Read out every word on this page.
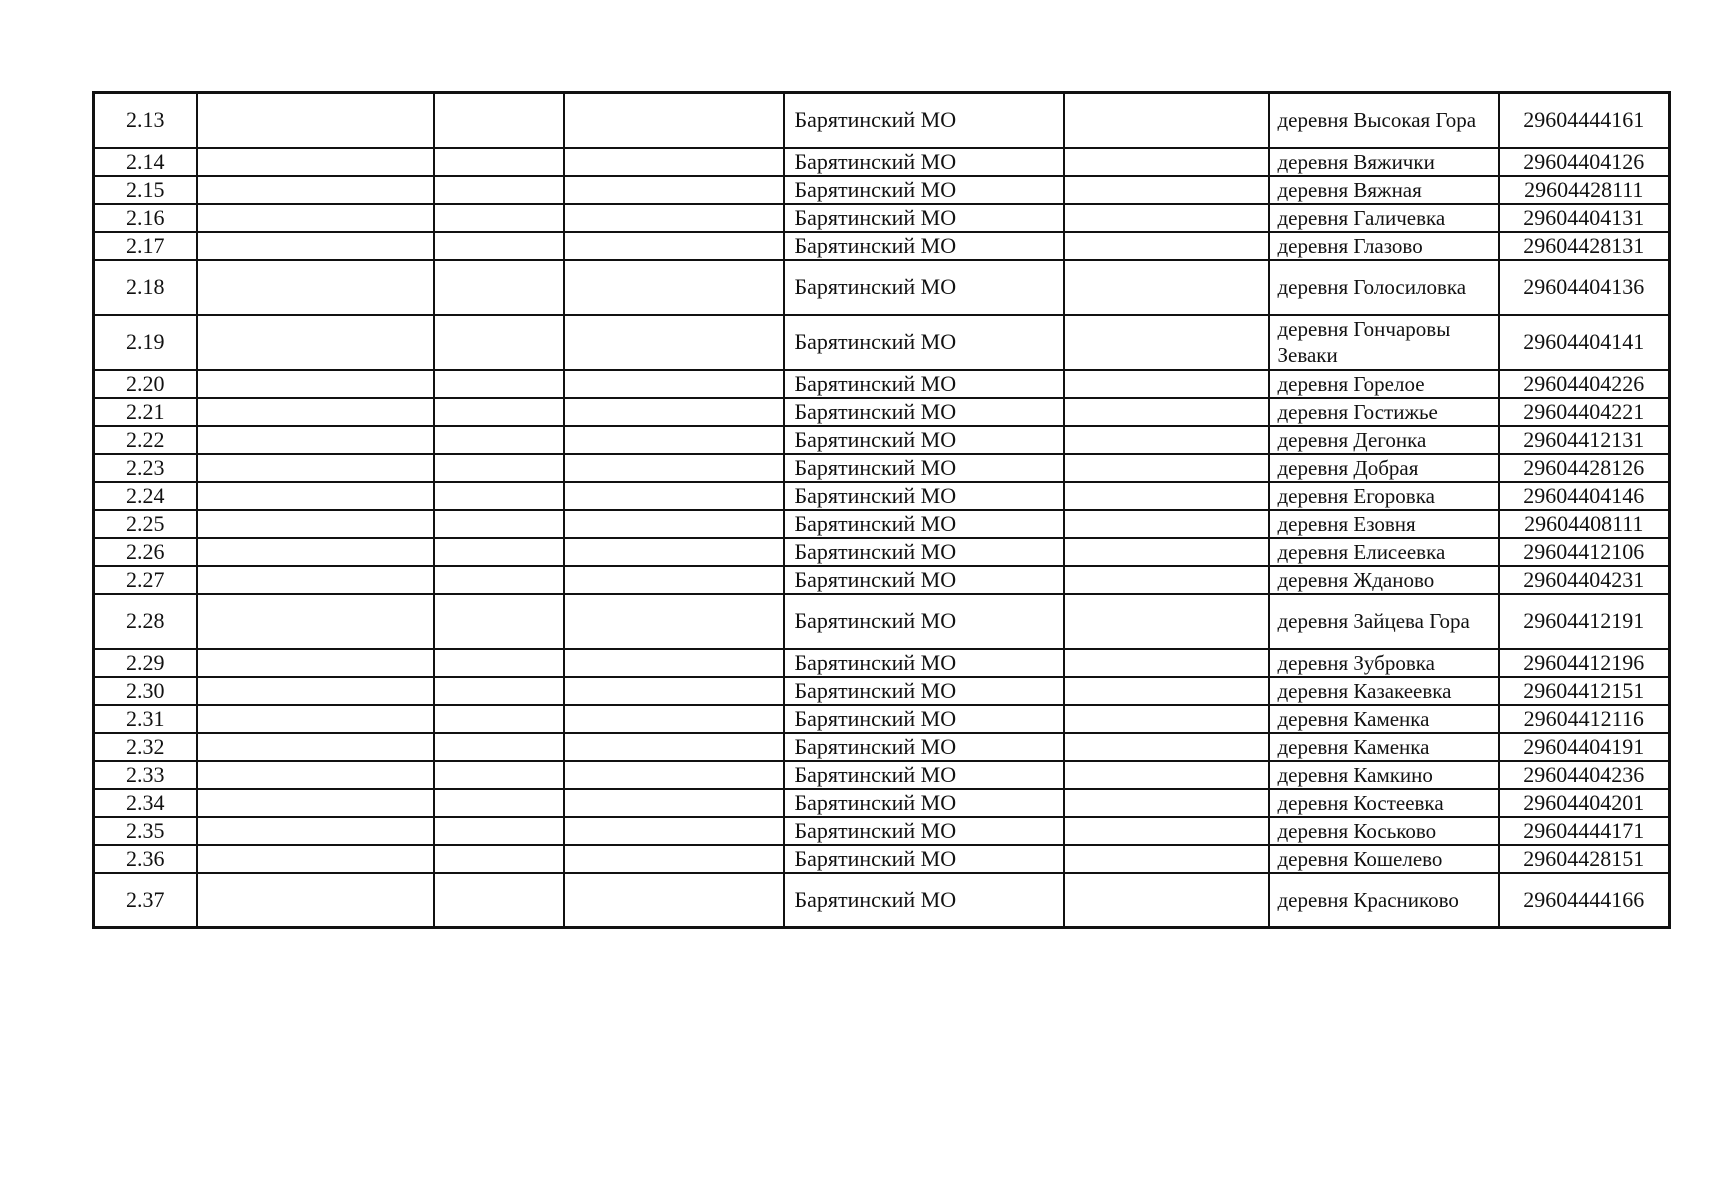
2.13				Барятинский МО		деревня Высокая Гора	29604444161
2.14				Барятинский МО		деревня Вяжички	29604404126
2.15				Барятинский МО		деревня Вяжная	29604428111
2.16				Барятинский МО		деревня Галичевка	29604404131
2.17				Барятинский МО		деревня Глазово	29604428131
2.18				Барятинский МО		деревня Голосиловка	29604404136
2.19				Барятинский МО		деревня Гончаровы Зеваки	29604404141
2.20				Барятинский МО		деревня Горелое	29604404226
2.21				Барятинский МО		деревня Гостижье	29604404221
2.22				Барятинский МО		деревня Дегонка	29604412131
2.23				Барятинский МО		деревня Добрая	29604428126
2.24				Барятинский МО		деревня Егоровка	29604404146
2.25				Барятинский МО		деревня Езовня	29604408111
2.26				Барятинский МО		деревня Елисеевка	29604412106
2.27				Барятинский МО		деревня Жданово	29604404231
2.28				Барятинский МО		деревня Зайцева Гора	29604412191
2.29				Барятинский МО		деревня Зубровка	29604412196
2.30				Барятинский МО		деревня Казакеевка	29604412151
2.31				Барятинский МО		деревня Каменка	29604412116
2.32				Барятинский МО		деревня Каменка	29604404191
2.33				Барятинский МО		деревня Камкино	29604404236
2.34				Барятинский МО		деревня Костеевка	29604404201
2.35				Барятинский МО		деревня Коськово	29604444171
2.36				Барятинский МО		деревня Кошелево	29604428151
2.37				Барятинский МО		деревня Красниково	29604444166
